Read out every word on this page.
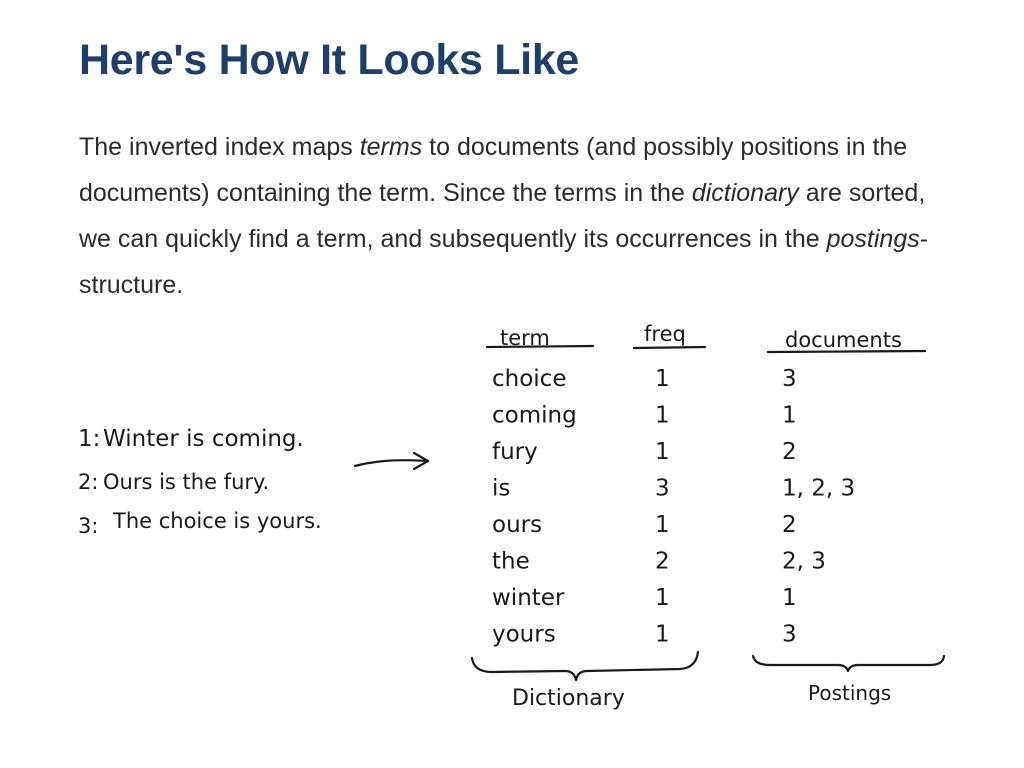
Here's How It Looks Like

The inverted index maps terms to documents (and possibly positions in the documents) containing the term. Since the terms in the dictionary are sorted, we can quickly find a term, and subsequently its occurrences in the postings-structure.

1: Winter is coming.
2: Ours is the fury.
3: The choice is yours.
term	freq	documents
choice	1	3
coming	1	1
fury	1	2
is	3	1, 2, 3
ours	1	2
the	2	2, 3
winter	1	1
yours	1	3
Dictionary	Postings
